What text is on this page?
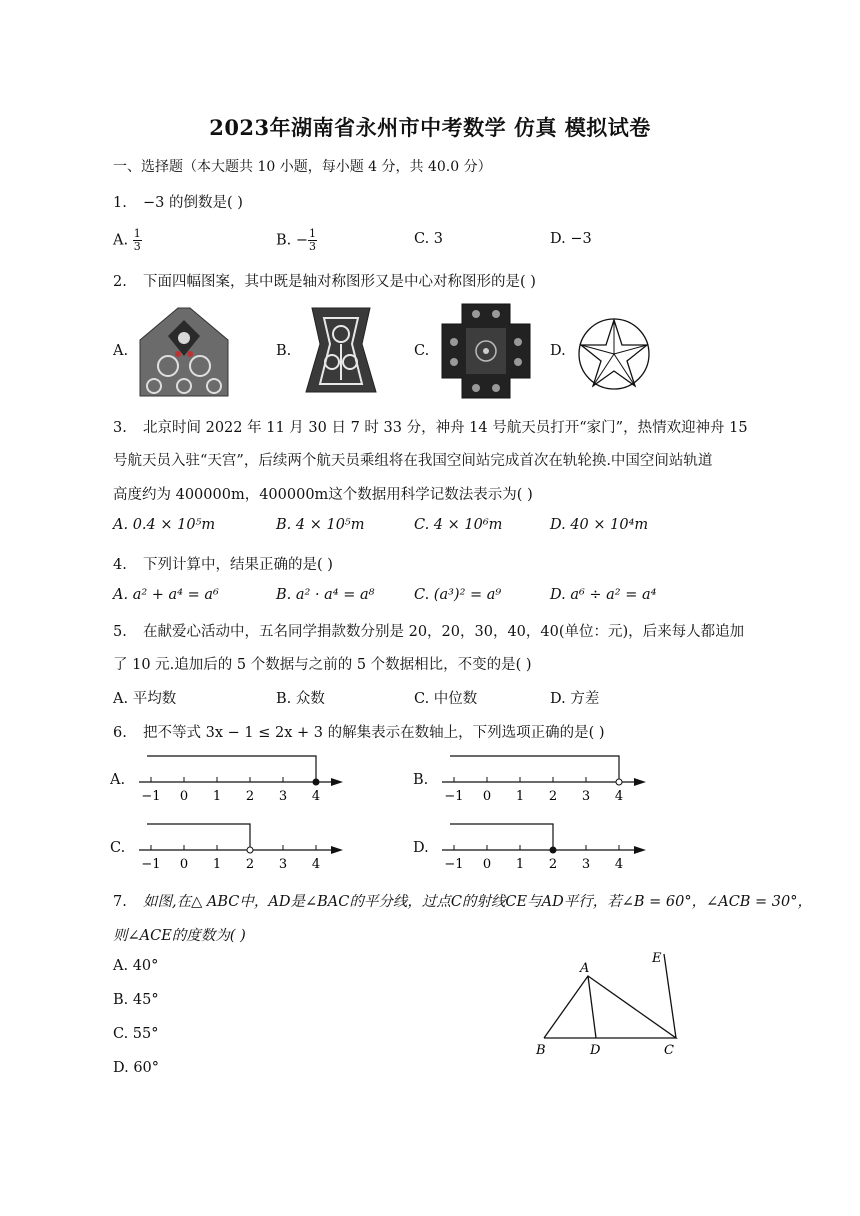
2023年湖南省永州市中考数学 仿真 模拟试卷
一、选择题（本大题共 10 小题，每小题 4 分，共 40.0 分）
1. −3 的倒数是( )
A. $\frac{1}{3}$	B. − $\frac{1}{3}$	C. 3	D. −3
2. 下面四幅图案，其中既是轴对称图形又是中心对称图形的是( )
A.	B.	C.	D.
3. 北京时间 2022 年 11 月 30 日 7 时 33 分，神舟 14 号航天员打开“家门”，热情欢迎神舟 15
号航天员入驻“天宫”，后续两个航天员乘组将在我国空间站完成首次在轨轮换.中国空间站轨道
高度约为 400000m，400000m这个数据用科学记数法表示为( )
A. 0.4 × 10⁵m	B. 4 × 10⁵m	C. 4 × 10⁶m	D. 40 × 10⁴m
4. 下列计算中，结果正确的是( )
A. a² + a⁴ = a⁶	B. a² · a⁴ = a⁸	C. (a³)² = a⁹	D. a⁶ ÷ a² = a⁴
5. 在献爱心活动中，五名同学捐款数分别是 20，20，30，40，40(单位：元)，后来每人都追加
了 10 元.追加后的 5 个数据与之前的 5 个数据相比，不变的是( )
A. 平均数	B. 众数	C. 中位数	D. 方差
6. 把不等式 3x − 1 ≤ 2x + 3 的解集表示在数轴上，下列选项正确的是( )
A.	B.
C.	D.
−1 0 1 2 3 4	−1 0 1 2 3 4
−1 0 1 2 3 4	−1 0 1 2 3 4
7. 如图,在△ ABC中，AD是∠BAC的平分线，过点C的射线CE与AD平行，若∠B = 60°，∠ACB = 30°，
则∠ACE的度数为( )
A. 40°
B. 45°
C. 55°
D. 60°
A
B	D	C
E
